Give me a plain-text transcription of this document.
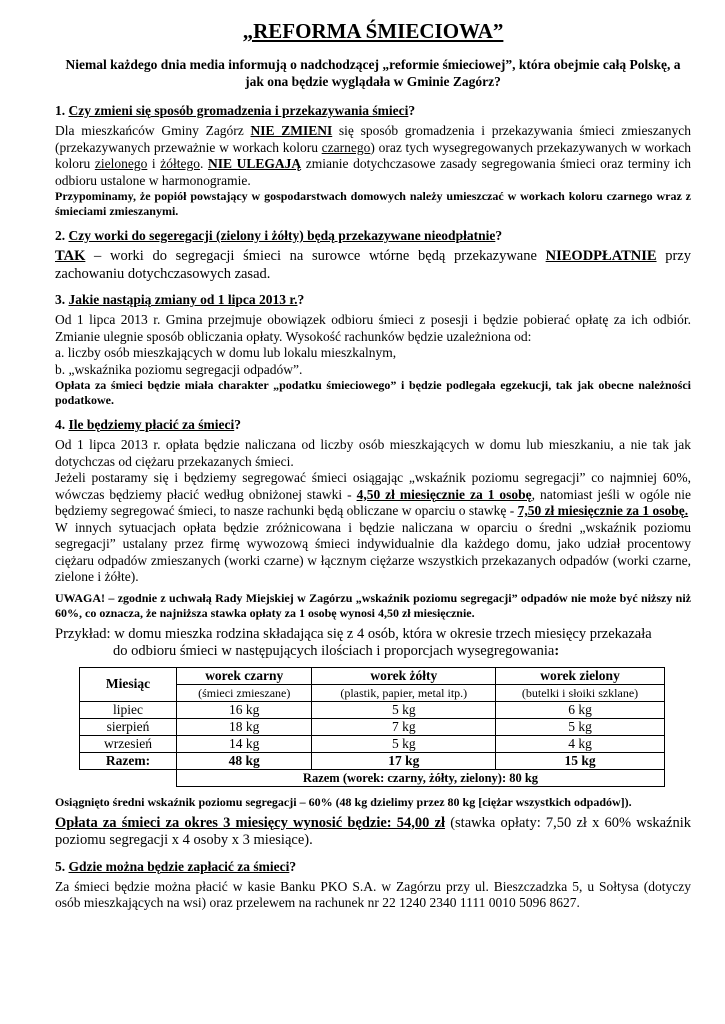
„REFORMA ŚMIECIOWA”
Niemal każdego dnia media informują o nadchodzącej „reformie śmieciowej”, która obejmie całą Polskę, a jak ona będzie wyglądała w Gminie Zagórz?
1. Czy zmieni się sposób gromadzenia i przekazywania śmieci?
Dla mieszkańców Gminy Zagórz NIE ZMIENI się sposób gromadzenia i przekazywania śmieci zmieszanych (przekazywanych przeważnie w workach koloru czarnego) oraz tych wysegregowanych przekazywanych w workach koloru zielonego i żółtego. NIE ULEGAJĄ zmianie dotychczasowe zasady segregowania śmieci oraz terminy ich odbioru ustalone w harmonogramie.
Przypominamy, że popiół powstający w gospodarstwach domowych należy umieszczać w workach koloru czarnego wraz z śmieciami zmieszanymi.
2. Czy worki do segeregacji (zielony i żółty) będą przekazywane nieodpłatnie?
TAK – worki do segregacji śmieci na surowce wtórne będą przekazywane NIEODPŁATNIE przy zachowaniu dotychczasowych zasad.
3. Jakie nastąpią zmiany od 1 lipca 2013 r.?
Od 1 lipca 2013 r. Gmina przejmuje obowiązek odbioru śmieci z posesji i będzie pobierać opłatę za ich odbiór. Zmianie ulegnie sposób obliczania opłaty. Wysokość rachunków będzie uzależniona od:
a. liczby osób mieszkających w domu lub lokalu mieszkalnym,
b. „wskaźnika poziomu segregacji odpadów”.
Opłata za śmieci będzie miała charakter „podatku śmieciowego” i będzie podlegała egzekucji, tak jak obecne należności podatkowe.
4. Ile będziemy płacić za śmieci?
Od 1 lipca 2013 r. opłata będzie naliczana od liczby osób mieszkających w domu lub mieszkaniu, a nie tak jak dotychczas od ciężaru przekazanych śmieci.
Jeżeli postaramy się i będziemy segregować śmieci osiągając „wskaźnik poziomu segregacji” co najmniej 60%, wówczas będziemy płacić według obniżonej stawki - 4,50 zł miesięcznie za 1 osobę, natomiast jeśli w ogóle nie będziemy segregować śmieci, to nasze rachunki będą obliczane w oparciu o stawkę - 7,50 zł miesięcznie za 1 osobę.
W innych sytuacjach opłata będzie zróżnicowana i będzie naliczana w oparciu o średni „wskaźnik poziomu segregacji” ustalany przez firmę wywozową śmieci indywidualnie dla każdego domu, jako udział procentowy ciężaru odpadów zmieszanych (worki czarne) w łącznym ciężarze wszystkich przekazanych odpadów (worki czarne, zielone i żółte).
UWAGA! – zgodnie z uchwałą Rady Miejskiej w Zagórzu „wskaźnik poziomu segregacji” odpadów nie może być niższy niż 60%, co oznacza, że najniższa stawka opłaty za 1 osobę wynosi 4,50 zł miesięcznie.
Przykład: w domu mieszka rodzina składająca się z 4 osób, która w okresie trzech miesięcy przekazała
do odbioru śmieci w następujących ilościach i proporcjach wysegregowania:
Miesiąc	worek czarny	worek żółty	worek zielony
	(śmieci zmieszane)	(plastik, papier, metal itp.)	(butelki i słoiki szklane)
lipiec	16 kg	5 kg	6 kg
sierpień	18 kg	7 kg	5 kg
wrzesień	14 kg	5 kg	4 kg
Razem:	48 kg	17 kg	15 kg
	Razem (worek: czarny, żółty, zielony): 80 kg		
Osiągnięto średni wskaźnik poziomu segregacji – 60% (48 kg dzielimy przez 80 kg [ciężar wszystkich odpadów]).
Opłata za śmieci za okres 3 miesięcy wynosić będzie: 54,00 zł (stawka opłaty: 7,50 zł x 60% wskaźnik poziomu segregacji x 4 osoby x 3 miesiące).
5. Gdzie można będzie zapłacić za śmieci?
Za śmieci będzie można płacić w kasie Banku PKO S.A. w Zagórzu przy ul. Bieszczadzka 5, u Sołtysa (dotyczy osób mieszkających na wsi) oraz przelewem na rachunek nr 22 1240 2340 1111 0010 5096 8627.
